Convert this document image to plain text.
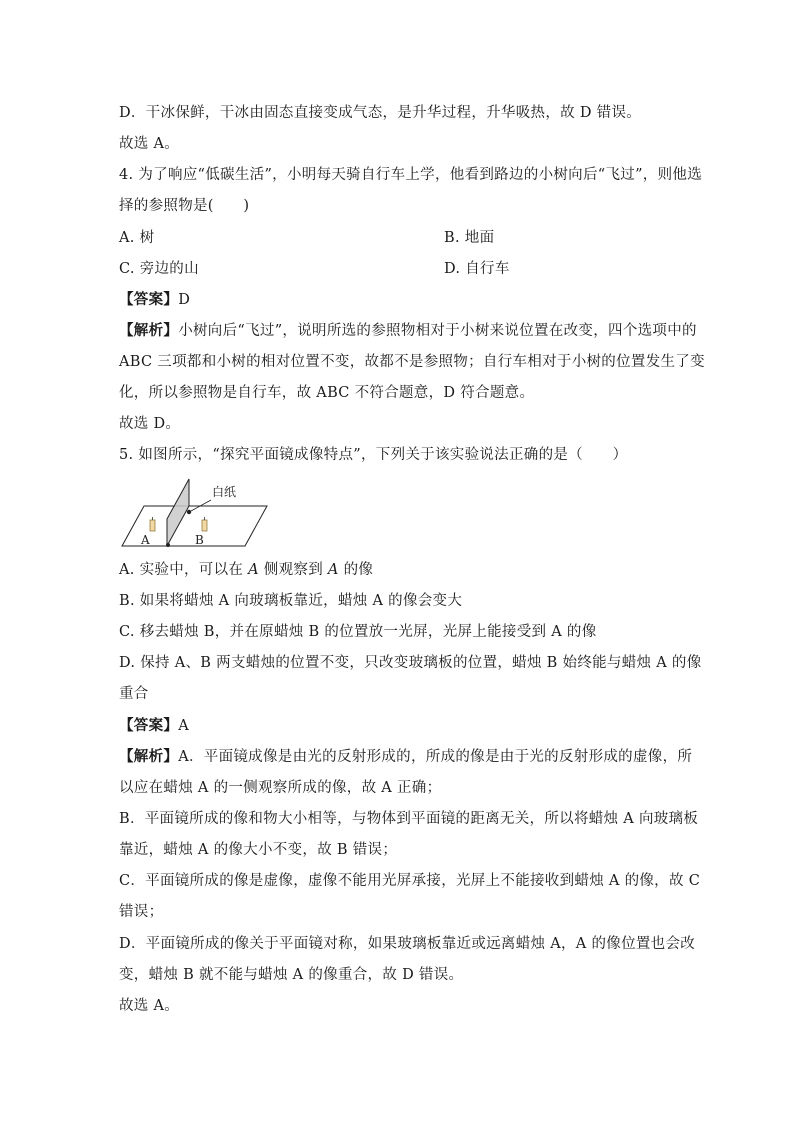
D．干冰保鲜，干冰由固态直接变成气态，是升华过程，升华吸热，故 D 错误。
故选 A。
4. 为了响应“低碳生活”，小明每天骑自行车上学，他看到路边的小树向后“飞过”，则他选
择的参照物是(　　)
A. 树	B. 地面
C. 旁边的山	D. 自行车
【答案】D
【解析】小树向后“飞过”，说明所选的参照物相对于小树来说位置在改变，四个选项中的
ABC 三项都和小树的相对位置不变，故都不是参照物；自行车相对于小树的位置发生了变
化，所以参照物是自行车，故 ABC 不符合题意，D 符合题意。
故选 D。
5. 如图所示，“探究平面镜成像特点”，下列关于该实验说法正确的是（　　）
白纸
A	B
A. 实验中，可以在 A 侧观察到 A 的像
B. 如果将蜡烛 A 向玻璃板靠近，蜡烛 A 的像会变大
C. 移去蜡烛 B，并在原蜡烛 B 的位置放一光屏，光屏上能接受到 A 的像
D. 保持 A、B 两支蜡烛的位置不变，只改变玻璃板的位置，蜡烛 B 始终能与蜡烛 A 的像
重合
【答案】A
【解析】A．平面镜成像是由光的反射形成的，所成的像是由于光的反射形成的虚像，所
以应在蜡烛 A 的一侧观察所成的像，故 A 正确；
B．平面镜所成的像和物大小相等，与物体到平面镜的距离无关，所以将蜡烛 A 向玻璃板
靠近，蜡烛 A 的像大小不变，故 B 错误；
C．平面镜所成的像是虚像，虚像不能用光屏承接，光屏上不能接收到蜡烛 A 的像，故 C
错误；
D．平面镜所成的像关于平面镜对称，如果玻璃板靠近或远离蜡烛 A，A 的像位置也会改
变，蜡烛 B 就不能与蜡烛 A 的像重合，故 D 错误。
故选 A。
